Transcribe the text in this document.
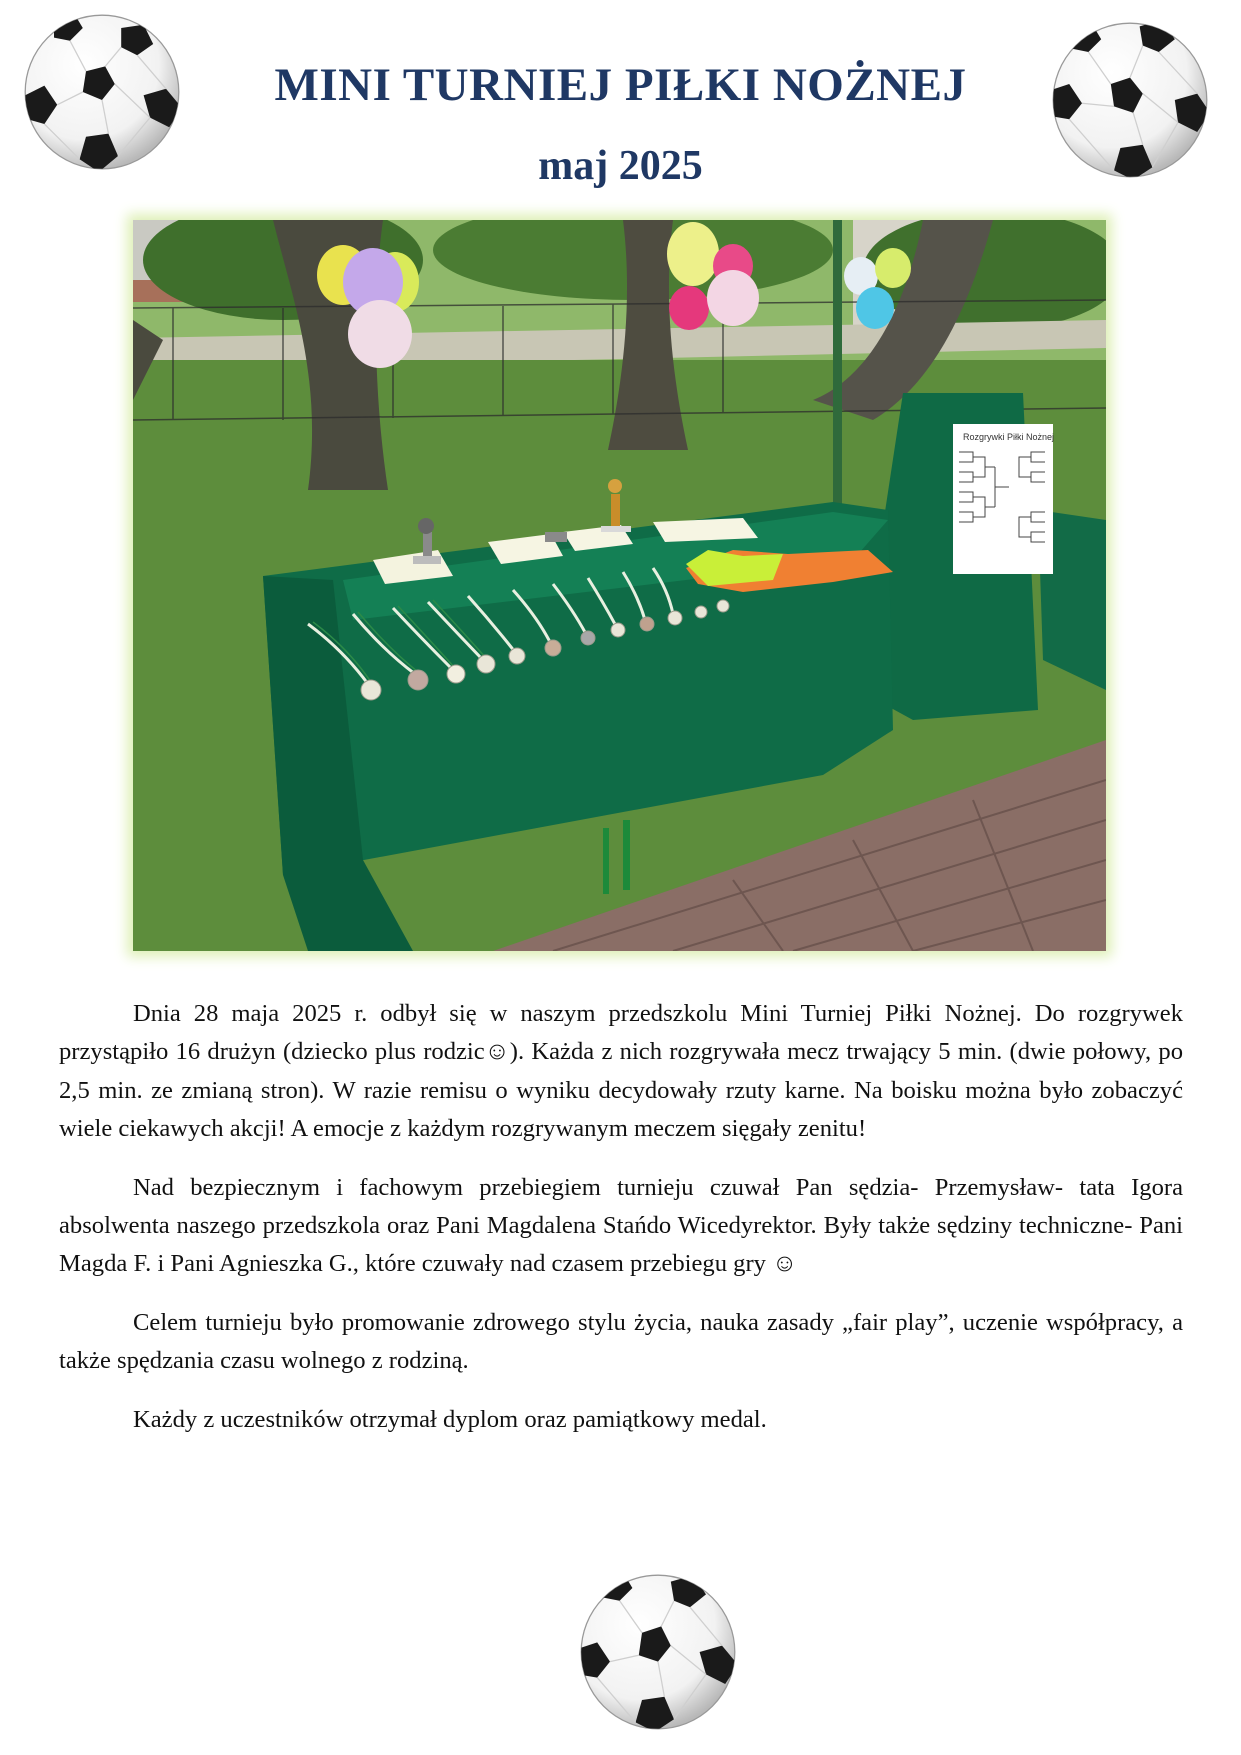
MINI TURNIEJ PIŁKI NOŻNEJ
maj 2025
Rozgrywki Piłki Nożnej

Dnia 28 maja 2025 r. odbył się w naszym przedszkolu Mini Turniej Piłki Nożnej. Do rozgrywek przystąpiło 16 drużyn (dziecko plus rodzic☺). Każda z nich rozgrywała mecz trwający 5 min. (dwie połowy, po 2,5 min. ze zmianą stron). W razie remisu o wyniku decydowały rzuty karne. Na boisku można było zobaczyć wiele ciekawych akcji! A emocje z każdym rozgrywanym meczem sięgały zenitu!

Nad bezpiecznym i fachowym przebiegiem turnieju czuwał Pan sędzia- Przemysław- tata Igora absolwenta naszego przedszkola oraz Pani Magdalena Stańdo Wicedyrektor. Były także sędziny techniczne- Pani Magda F. i Pani Agnieszka G., które czuwały nad czasem przebiegu gry ☺

Celem turnieju było promowanie zdrowego stylu życia, nauka zasady „fair play”, uczenie współpracy, a także spędzania czasu wolnego z rodziną.

Każdy z uczestników otrzymał dyplom oraz pamiątkowy medal.
